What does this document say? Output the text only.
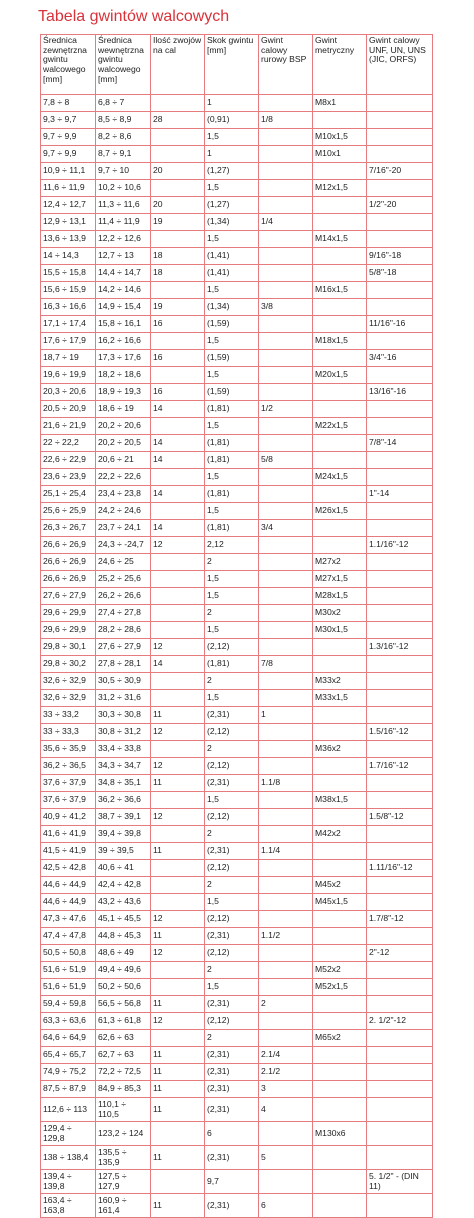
Tabela gwintów walcowych
Średnica zewnętrzna gwintu walcowego [mm]	Średnica wewnętrzna gwintu walcowego [mm]	Ilość zwojów na cal	Skok gwintu [mm]	Gwint calowy rurowy BSP	Gwint metryczny	Gwint calowy UNF, UN, UNS (JIC, ORFS)
7,8 ÷ 8	6,8 ÷ 7		1		M8x1	
9,3 ÷ 9,7	8,5 ÷ 8,9	28	(0,91)	1/8		
9,7 ÷ 9,9	8,2 ÷ 8,6		1,5		M10x1,5	
9,7 ÷ 9,9	8,7 ÷ 9,1		1		M10x1	
10,9 ÷ 11,1	9,7 ÷ 10	20	(1,27)			7/16"-20
11,6 ÷ 11,9	10,2 ÷ 10,6		1,5		M12x1,5	
12,4 ÷ 12,7	11,3 ÷ 11,6	20	(1,27)			1/2"-20
12,9 ÷ 13,1	11,4 ÷ 11,9	19	(1,34)	1/4		
13,6 ÷ 13,9	12,2 ÷ 12,6		1,5		M14x1,5	
14 ÷ 14,3	12,7 ÷ 13	18	(1,41)			9/16"-18
15,5 ÷ 15,8	14,4 ÷ 14,7	18	(1,41)			5/8"-18
15,6 ÷ 15,9	14,2 ÷ 14,6		1,5		M16x1,5	
16,3 ÷ 16,6	14,9 ÷ 15,4	19	(1,34)	3/8		
17,1 ÷ 17,4	15,8 ÷ 16,1	16	(1,59)			11/16"-16
17,6 ÷ 17,9	16,2 ÷ 16,6		1,5		M18x1,5	
18,7 ÷ 19	17,3 ÷ 17,6	16	(1,59)			3/4"-16
19,6 ÷ 19,9	18,2 ÷ 18,6		1,5		M20x1,5	
20,3 ÷ 20,6	18,9 ÷ 19,3	16	(1,59)			13/16"-16
20,5 ÷ 20,9	18,6 ÷ 19	14	(1,81)	1/2		
21,6 ÷ 21,9	20,2 ÷ 20,6		1,5		M22x1,5	
22 ÷ 22,2	20,2 ÷ 20,5	14	(1,81)			7/8"-14
22,6 ÷ 22,9	20,6 ÷ 21	14	(1,81)	5/8		
23,6 ÷ 23,9	22,2 ÷ 22,6		1,5		M24x1,5	
25,1 ÷ 25,4	23,4 ÷ 23,8	14	(1,81)			1"-14
25,6 ÷ 25,9	24,2 ÷ 24,6		1,5		M26x1,5	
26,3 ÷ 26,7	23,7 ÷ 24,1	14	(1,81)	3/4		
26,6 ÷ 26,9	24,3 ÷ -24,7	12	2,12			1.1/16"-12
26,6 ÷ 26,9	24,6 ÷ 25		2		M27x2	
26,6 ÷ 26,9	25,2 ÷ 25,6		1,5		M27x1,5	
27,6 ÷ 27,9	26,2 ÷ 26,6		1,5		M28x1,5	
29,6 ÷ 29,9	27,4 ÷ 27,8		2		M30x2	
29,6 ÷ 29,9	28,2 ÷ 28,6		1,5		M30x1,5	
29,8 ÷ 30,1	27,6 ÷ 27,9	12	(2,12)			1.3/16"-12
29,8 ÷ 30,2	27,8 ÷ 28,1	14	(1,81)	7/8		
32,6 ÷ 32,9	30,5 ÷ 30,9		2		M33x2	
32,6 ÷ 32,9	31,2 ÷ 31,6		1,5		M33x1,5	
33 ÷ 33,2	30,3 ÷ 30,8	11	(2,31)	1		
33 ÷ 33,3	30,8 ÷ 31,2	12	(2,12)			1.5/16"-12
35,6 ÷ 35,9	33,4 ÷ 33,8		2		M36x2	
36,2 ÷ 36,5	34,3 ÷ 34,7	12	(2,12)			1.7/16"-12
37,6 ÷ 37,9	34,8 ÷ 35,1	11	(2,31)	1.1/8		
37,6 ÷ 37,9	36,2 ÷ 36,6		1,5		M38x1,5	
40,9 ÷ 41,2	38,7 ÷ 39,1	12	(2,12)			1.5/8"-12
41,6 ÷ 41,9	39,4 ÷ 39,8		2		M42x2	
41,5 ÷ 41,9	39 ÷ 39,5	11	(2,31)	1.1/4		
42,5 ÷ 42,8	40,6 ÷ 41		(2,12)			1.11/16"-12
44,6 ÷ 44,9	42,4 ÷ 42,8		2		M45x2	
44,6 ÷ 44,9	43,2 ÷ 43,6		1,5		M45x1,5	
47,3 ÷ 47,6	45,1 ÷ 45,5	12	(2,12)			1.7/8"-12
47,4 ÷ 47,8	44,8 ÷ 45,3	11	(2,31)	1.1/2		
50,5 ÷ 50,8	48,6 ÷ 49	12	(2,12)			2"-12
51,6 ÷ 51,9	49,4 ÷ 49,6		2		M52x2	
51,6 ÷ 51,9	50,2 ÷ 50,6		1,5		M52x1,5	
59,4 ÷ 59,8	56,5 ÷ 56,8	11	(2,31)	2		
63,3 ÷ 63,6	61,3 ÷ 61,8	12	(2,12)			2. 1/2"-12
64,6 ÷ 64,9	62,6 ÷ 63		2		M65x2	
65,4 ÷ 65,7	62,7 ÷ 63	11	(2,31)	2.1/4		
74,9 ÷ 75,2	72,2 ÷ 72,5	11	(2,31)	2.1/2		
87,5 ÷ 87,9	84,9 ÷ 85,3	11	(2,31)	3		
112,6 ÷ 113	110,1 ÷ 110,5	11	(2,31)	4		
129,4 ÷ 129,8	123,2 ÷ 124		6		M130x6	
138 ÷ 138,4	135,5 ÷ 135,9	11	(2,31)	5		
139,4 ÷ 139,8	127,5 ÷ 127,9		9,7			5. 1/2" - (DIN 11)
163,4 ÷ 163,8	160,9 ÷ 161,4	11	(2,31)	6		
